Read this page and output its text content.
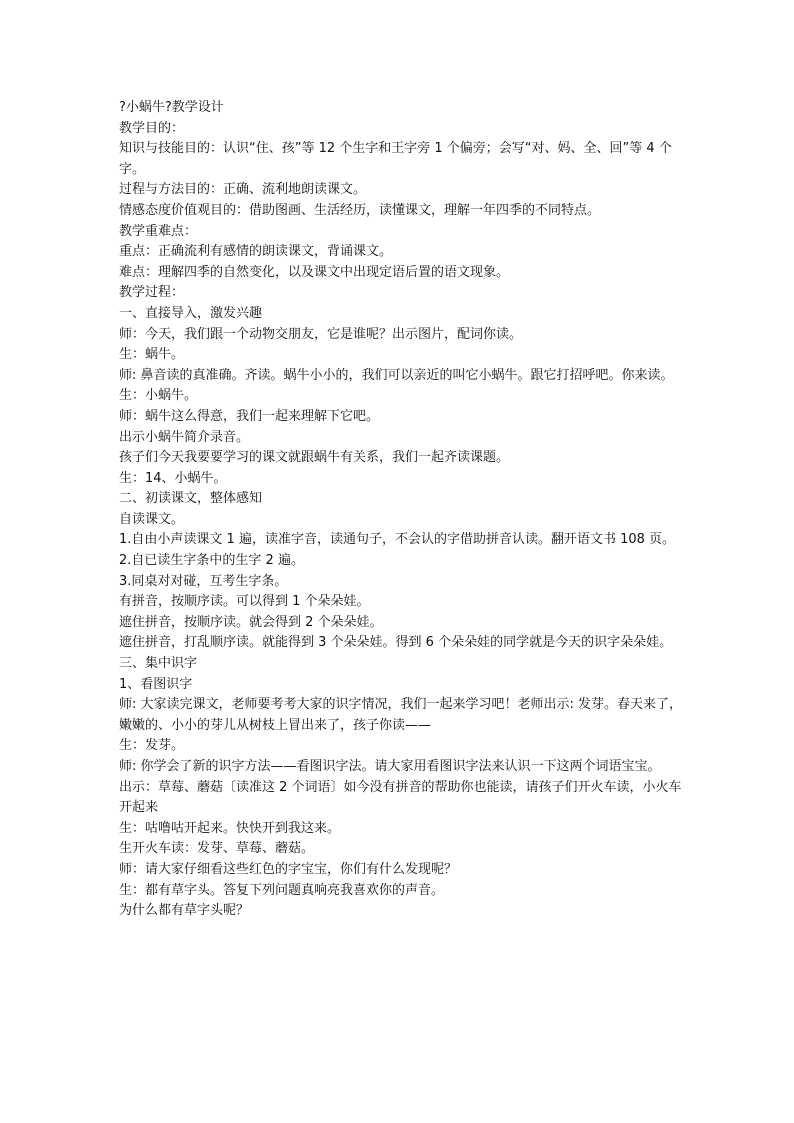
?小蜗牛?教学设计

教学目的：

知识与技能目的：认识“住、孩”等 12 个生字和王字旁 1 个偏旁；会写“对、妈、全、回”等 4 个字。

过程与方法目的：正确、流利地朗读课文。

情感态度价值观目的：借助图画、生活经历，读懂课文，理解一年四季的不同特点。

教学重难点：

重点：正确流利有感情的朗读课文，背诵课文。

难点：理解四季的自然变化，以及课文中出现定语后置的语文现象。

教学过程：

一、直接导入，激发兴趣

师：今天，我们跟一个动物交朋友，它是谁呢？出示图片，配词你读。

生：蜗牛。

师: 鼻音读的真准确。齐读。蜗牛小小的，我们可以亲近的叫它小蜗牛。跟它打招呼吧。你来读。

生：小蜗牛。

师：蜗牛这么得意，我们一起来理解下它吧。

出示小蜗牛简介录音。

孩子们今天我要要学习的课文就跟蜗牛有关系，我们一起齐读课题。

生：14、小蜗牛。

二、初读课文，整体感知

自读课文。

1.自由小声读课文 1 遍，读准字音，读通句子，不会认的字借助拼音认读。翻开语文书 108 页。

2.自已读生字条中的生字 2 遍。

3.同桌对对碰，互考生字条。

有拼音，按顺序读。可以得到 1 个朵朵娃。

遮住拼音，按顺序读。就会得到 2 个朵朵娃。

遮住拼音，打乱顺序读。就能得到 3 个朵朵娃。得到 6 个朵朵娃的同学就是今天的识字朵朵娃。

三、集中识字

1、看图识字

师: 大家读完课文，老师要考考大家的识字情况，我们一起来学习吧！老师出示: 发芽。春天来了，嫩嫩的、小小的芽儿从树枝上冒出来了，孩子你读——

生：发芽。

师: 你学会了新的识字方法——看图识字法。请大家用看图识字法来认识一下这两个词语宝宝。

出示：草莓、蘑菇〔读准这 2 个词语〕如今没有拼音的帮助你也能读，请孩子们开火车读，小火车开起来

生：咕噜咕开起来。快快开到我这来。

生开火车读：发芽、草莓、蘑菇。

师：请大家仔细看这些红色的字宝宝，你们有什么发现呢？

生：都有草字头。答复下列问题真响亮我喜欢你的声音。

为什么都有草字头呢？
